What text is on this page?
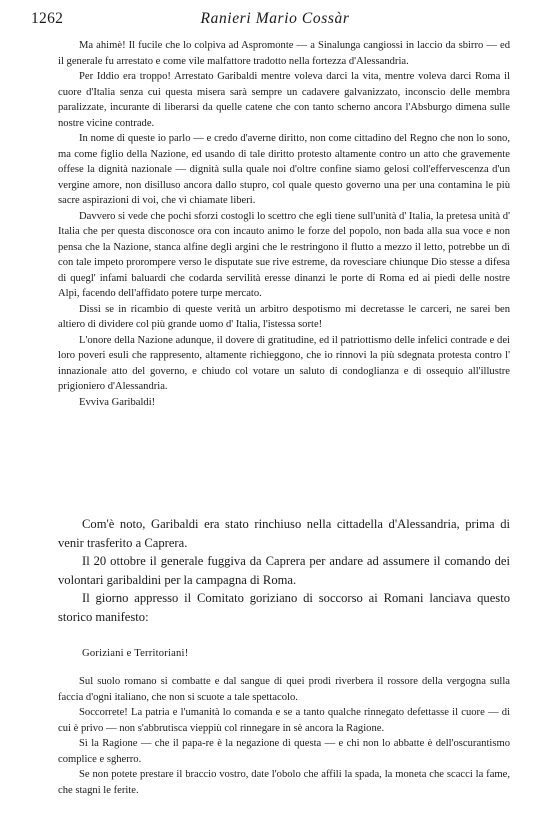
1262	Ranieri Mario Cossàr

Ma ahimè! Il fucile che lo colpiva ad Aspromonte — a Sinalunga cangiossi in laccio da sbirro — ed il generale fu arrestato e come vile malfattore tradotto nella fortezza d'Alessandria.

Per Iddio era troppo! Arrestato Garibaldi mentre voleva darci la vita, mentre voleva darci Roma il cuore d'Italia senza cui questa misera sarà sempre un cadavere galvanizzato, inconscio delle membra paralizzate, incurante di liberarsi da quelle catene che con tanto scherno ancora l'Absburgo dimena sulle nostre vicine contrade.

In nome di queste io parlo — e credo d'averne diritto, non come cittadino del Regno che non lo sono, ma come figlio della Nazione, ed usando di tale diritto protesto altamente contro un atto che gravemente offese la dignità nazionale — dignità sulla quale noi d'oltre confine siamo gelosi coll'effervescenza d'un vergine amore, non disilluso ancora dallo stupro, col quale questo governo una per una contamina le più sacre aspirazioni di voi, che vi chiamate liberi.

Davvero si vede che pochi sforzi costogli lo scettro che egli tiene sull'unità d' Italia, la pretesa unità d' Italia che per questa disconosce ora con incauto animo le forze del popolo, non bada alla sua voce e non pensa che la Nazione, stanca alfine degli argini che le restringono il flutto a mezzo il letto, potrebbe un dì con tale impeto prorompere verso le disputate sue rive estreme, da rovesciare chiunque Dio stesse a difesa di quegl' infami baluardi che codarda servilità eresse dinanzi le porte di Roma ed ai piedi delle nostre Alpi, facendo dell'affidato potere turpe mercato.

Dissi se in ricambio di queste verità un arbitro despotismo mi decretasse le carceri, ne sarei ben altiero di dividere col più grande uomo d' Italia, l'istessa sorte!

L'onore della Nazione adunque, il dovere di gratitudine, ed il patriottismo delle infelici contrade e dei loro poveri esuli che rappresento, altamente richieggono, che io rinnovi la più sdegnata protesta contro l' innazionale atto del governo, e chiudo col votare un saluto di condoglianza e di ossequio all'illustre prigioniero d'Alessandria.

Evviva Garibaldi!

Com'è noto, Garibaldi era stato rinchiuso nella cittadella d'Alessandria, prima di venir trasferito a Caprera.

Il 20 ottobre il generale fuggiva da Caprera per andare ad assumere il comando dei volontari garibaldini per la campagna di Roma.

Il giorno appresso il Comitato goriziano di soccorso ai Romani lanciava questo storico manifesto:

Goriziani e Territoriani!

Sul suolo romano si combatte e dal sangue di quei prodi riverbera il rossore della vergogna sulla faccia d'ogni italiano, che non si scuote a tale spettacolo.

Soccorrete! La patria e l'umanità lo comanda e se a tanto qualche rinnegato defettasse il cuore — di cui è privo — non s'abbrutisca vieppiù col rinnegare in sè ancora la Ragione.

Sì la Ragione — che il papa-re è la negazione di questa — e chi non lo abbatte è dell'oscurantismo complice e sgherro.

Se non potete prestare il braccio vostro, date l'obolo che affili la spada, la moneta che scacci la fame, che stagni le ferite.
